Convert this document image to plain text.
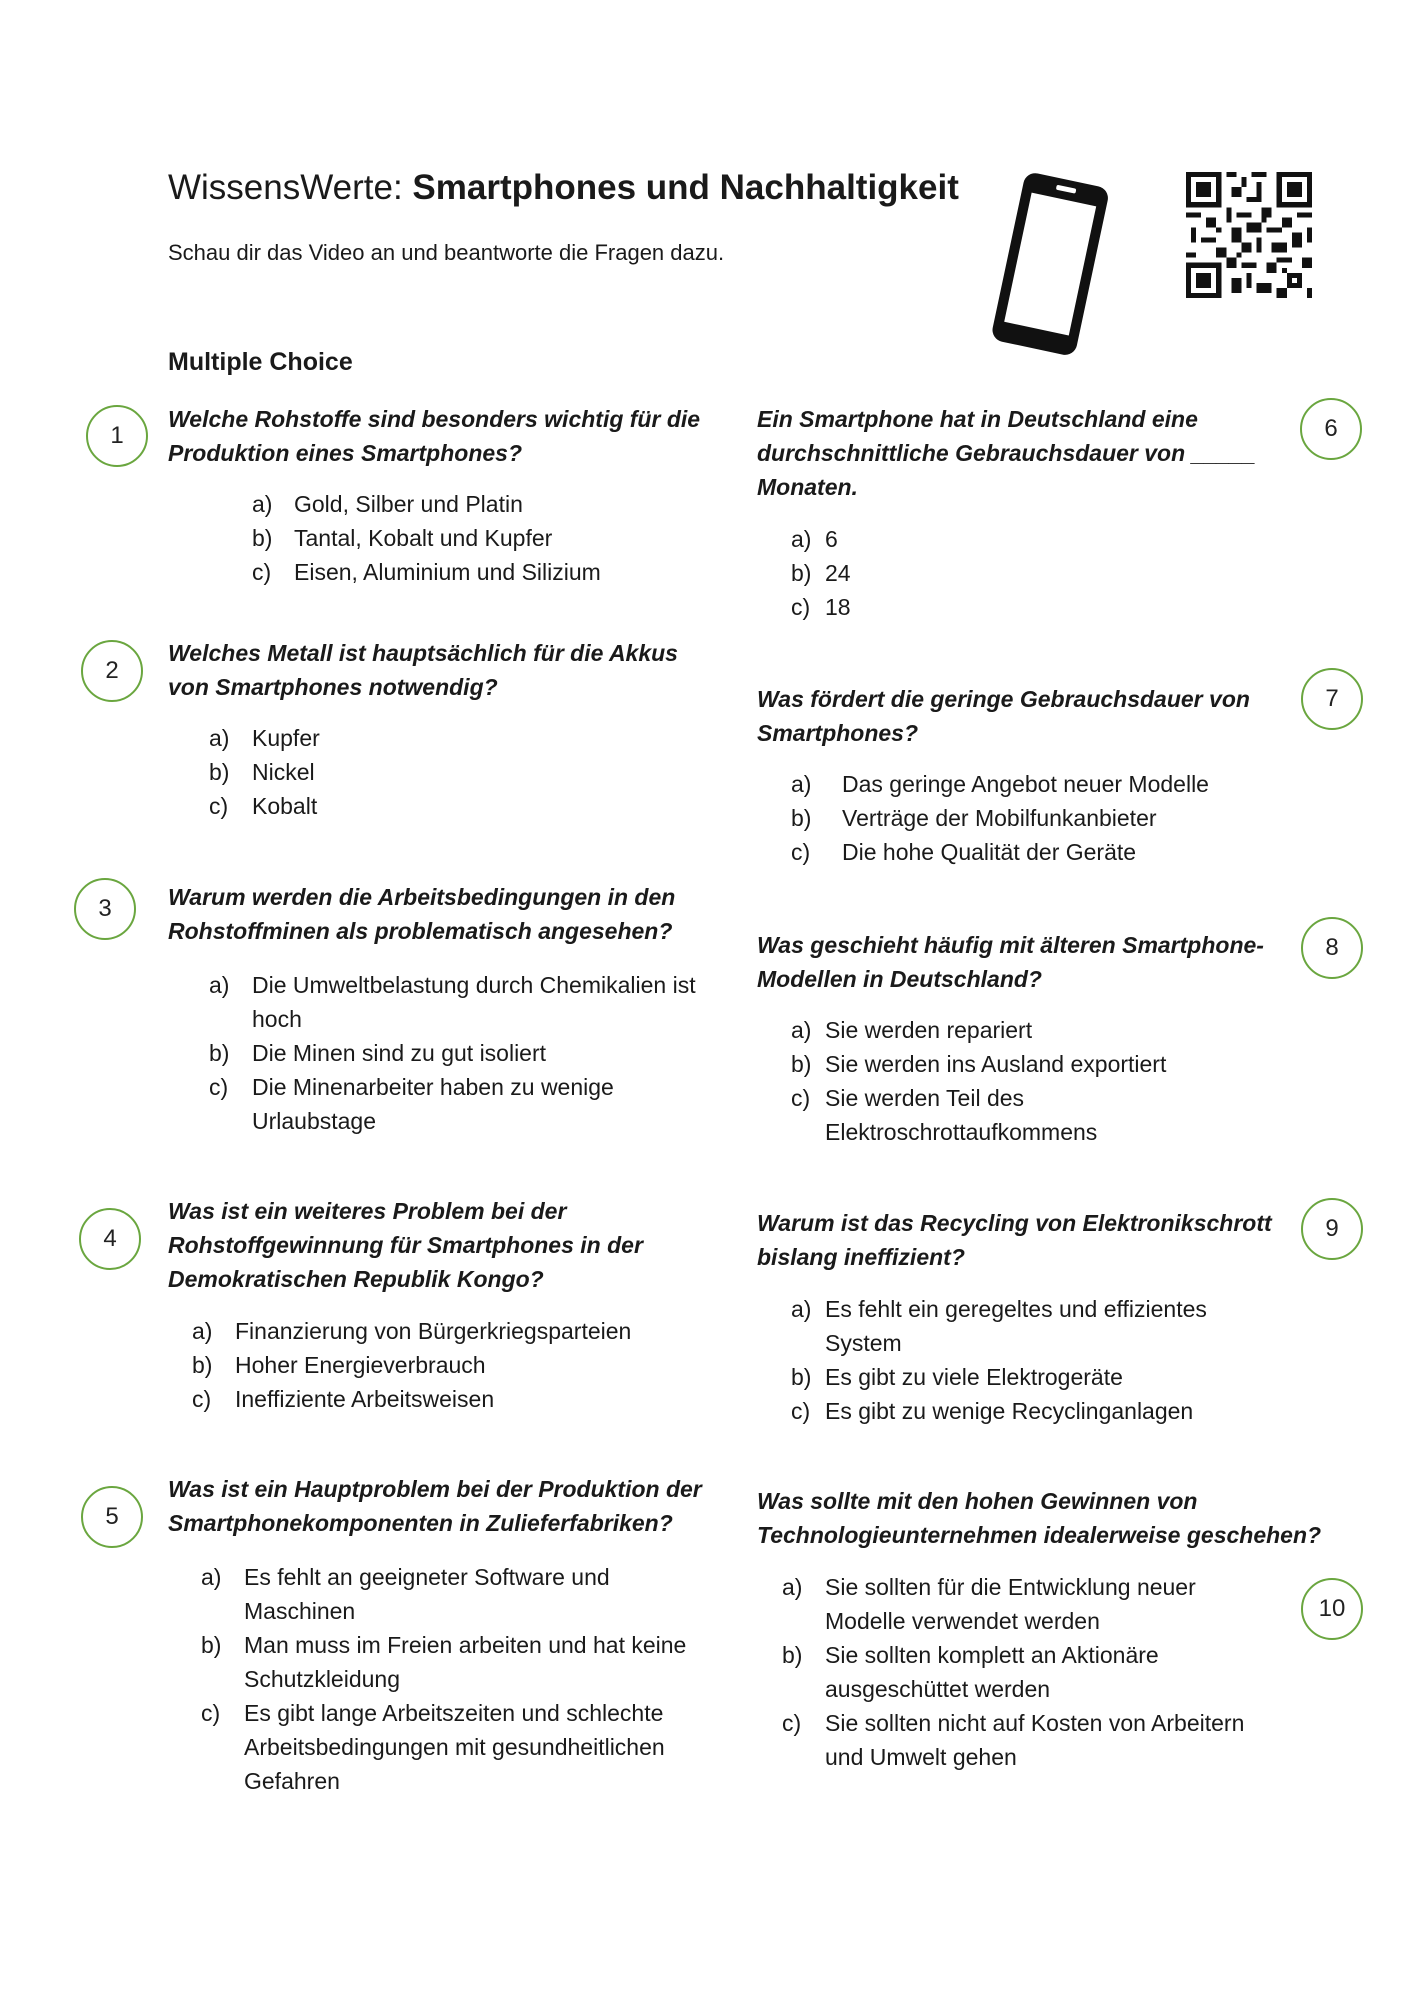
WissensWerte: Smartphones und Nachhaltigkeit
Schau dir das Video an und beantworte die Fragen dazu.
Multiple Choice
1
Welche Rohstoffe sind besonders wichtig für die Produktion eines Smartphones?
a) Gold, Silber und Platin
b) Tantal, Kobalt und Kupfer
c) Eisen, Aluminium und Silizium
2
Welches Metall ist hauptsächlich für die Akkus von Smartphones notwendig?
a) Kupfer
b) Nickel
c)	Kobalt
3	Warum werden die Arbeitsbedingungen in den Rohstoffminen als problematisch angesehen?
a) Die Umweltbelastung durch Chemikalien ist hoch
b) Die Minen sind zu gut isoliert
c)	Die Minenarbeiter haben zu wenige Urlaubstage
4
Was ist ein weiteres Problem bei der Rohstoffgewinnung für Smartphones in der Demokratischen Republik Kongo?
a) Finanzierung von Bürgerkriegsparteien
b) Hoher Energieverbrauch
c)	Ineffiziente Arbeitsweisen
5
Was ist ein Hauptproblem bei der Produktion der Smartphonekomponenten in Zulieferfabriken?
a) Es fehlt an geeigneter Software und Maschinen
b) Man muss im Freien arbeiten und hat keine Schutzkleidung
c)	Es gibt lange Arbeitszeiten und schlechte Arbeitsbedingungen mit gesundheitlichen Gefahren
6
Ein Smartphone hat in Deutschland eine durchschnittliche Gebrauchsdauer von _____ Monaten.
a) 6
b) 24
c) 18
7
Was fördert die geringe Gebrauchsdauer von Smartphones?
a)	Das geringe Angebot neuer Modelle
b)	Verträge der Mobilfunkanbieter
c)	Die hohe Qualität der Geräte
8
Was geschieht häufig mit älteren Smartphone-Modellen in Deutschland?
a) Sie werden repariert
b) Sie werden ins Ausland exportiert
c) Sie werden Teil des Elektroschrottaufkommens
9
Warum ist das Recycling von Elektronikschrott bislang ineffizient?
a) Es fehlt ein geregeltes und effizientes System
b) Es gibt zu viele Elektrogeräte
c) Es gibt zu wenige Recyclinganlagen
10
Was sollte mit den hohen Gewinnen von Technologieunternehmen idealerweise geschehen?
a) Sie sollten für die Entwicklung neuer Modelle verwendet werden
b) Sie sollten komplett an Aktionäre ausgeschüttet werden
c)	Sie sollten nicht auf Kosten von Arbeitern und Umwelt gehen
